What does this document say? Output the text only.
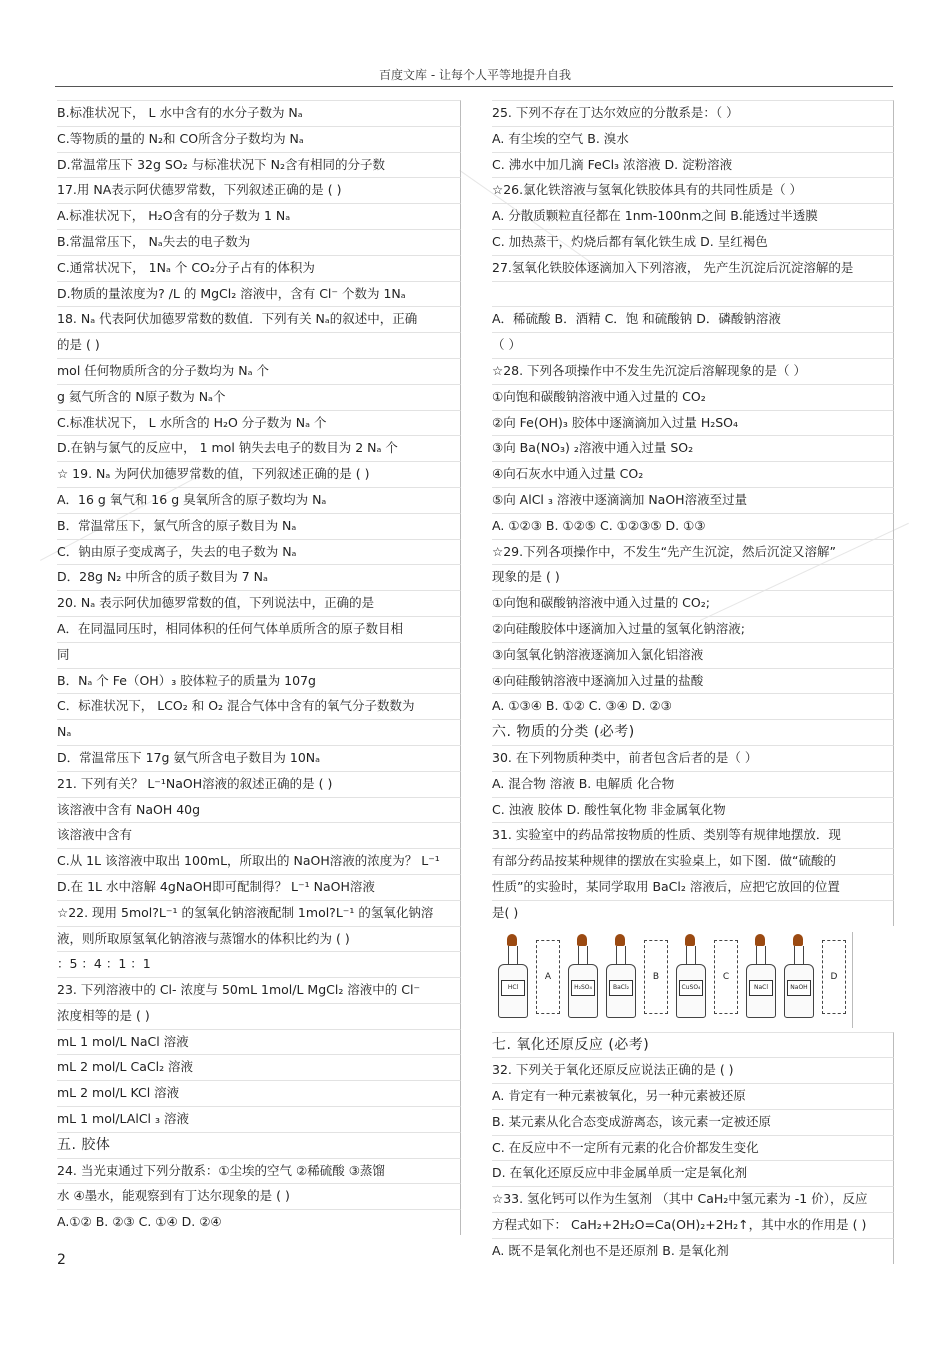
百度文库 - 让每个人平等地提升自我
B.标准状况下， L 水中含有的水分子数为 Nₐ
C.等物质的量的 N₂和 CO所含分子数均为 Nₐ
D.常温常压下 32g SO₂ 与标准状况下 N₂含有相同的分子数
17.用 NA表示阿伏德罗常数，下列叙述正确的是 ( )
A.标准状况下， H₂O含有的分子数为 1 Nₐ
B.常温常压下， Nₐ失去的电子数为
C.通常状况下， 1Nₐ 个 CO₂分子占有的体积为
D.物质的量浓度为? /L 的 MgCl₂ 溶液中，含有 Cl⁻ 个数为 1Nₐ
18. Nₐ 代表阿伏加德罗常数的数值．下列有关 Nₐ的叙述中，正确
的是 ( )
mol 任何物质所含的分子数均为 Nₐ 个
g 氦气所含的 N原子数为 Nₐ个
C.标准状况下， L 水所含的 H₂O 分子数为 Nₐ 个
D.在钠与氯气的反应中， 1 mol 钠失去电子的数目为 2 Nₐ 个
☆ 19. Nₐ 为阿伏加德罗常数的值，下列叙述正确的是 ( )
A．16 g 氧气和 16 g 臭氧所含的原子数均为 Nₐ
B．常温常压下，氯气所含的原子数目为 Nₐ
C．钠由原子变成离子，失去的电子数为 Nₐ
D．28g N₂ 中所含的质子数目为 7 Nₐ
20. Nₐ 表示阿伏加德罗常数的值，下列说法中，正确的是
A．在同温同压时，相同体积的任何气体单质所含的原子数目相
同
B．Nₐ 个 Fe（OH）₃ 胶体粒子的质量为 107g
C．标准状况下， LCO₂ 和 O₂ 混合气体中含有的氧气分子数数为
Nₐ
D．常温常压下 17g 氨气所含电子数目为 10Nₐ
21. 下列有关？ L⁻¹NaOH溶液的叙述正确的是 ( )
该溶液中含有 NaOH 40g
该溶液中含有
C.从 1L 该溶液中取出 100mL，所取出的 NaOH溶液的浓度为？ L⁻¹
D.在 1L 水中溶解 4gNaOH即可配制得？ L⁻¹ NaOH溶液
☆22. 现用 5mol?L⁻¹ 的氢氧化钠溶液配制 1mol?L⁻¹ 的氢氧化钠溶
液，则所取原氢氧化钠溶液与蒸馏水的体积比约为 ( )
：5 ：4 ：1 ：1
23. 下列溶液中的 Cl- 浓度与 50mL 1mol/L MgCl₂ 溶液中的 Cl⁻
浓度相等的是 ( )
mL 1 mol/L NaCl 溶液
mL 2 mol/L CaCl₂ 溶液
mL 2 mol/L KCl 溶液
mL 1 mol/LAlCl ₃ 溶液
五. 胶体
24. 当光束通过下列分散系：①尘埃的空气 ②稀硫酸 ③蒸馏
水 ④墨水，能观察到有丁达尔现象的是 ( )
A.①② B. ②③ C. ①④ D. ②④
25. 下列不存在丁达尔效应的分散系是：（ ）
A. 有尘埃的空气 B. 溴水
C. 沸水中加几滴 FeCl₃ 浓溶液 D. 淀粉溶液
☆26.氯化铁溶液与氢氧化铁胶体具有的共同性质是（ ）
A. 分散质颗粒直径都在 1nm-100nm之间 B.能透过半透膜
C. 加热蒸干，灼烧后都有氧化铁生成 D. 呈红褐色
27.氢氧化铁胶体逐滴加入下列溶液， 先产生沉淀后沉淀溶解的是
A．稀硫酸 B．酒精 C．饱 和硫酸钠 D．磷酸钠溶液
（ ）
☆28. 下列各项操作中不发生先沉淀后溶解现象的是（ ）
①向饱和碳酸钠溶液中通入过量的 CO₂
②向 Fe(OH)₃ 胶体中逐滴滴加入过量 H₂SO₄
③向 Ba(NO₃) ₂溶液中通入过量 SO₂
④向石灰水中通入过量 CO₂
⑤向 AlCl ₃ 溶液中逐滴滴加 NaOH溶液至过量
A. ①②③ B. ①②⑤ C. ①②③⑤ D. ①③
☆29.下列各项操作中，不发生“先产生沉淀，然后沉淀又溶解”
现象的是 ( )
①向饱和碳酸钠溶液中通入过量的 CO₂;
②向硅酸胶体中逐滴加入过量的氢氧化钠溶液;
③向氢氧化钠溶液逐滴加入氯化铝溶液
④向硅酸钠溶液中逐滴加入过量的盐酸
A. ①③④ B. ①② C. ③④ D. ②③
六. 物质的分类 (必考)
30. 在下列物质种类中，前者包含后者的是（ ）
A. 混合物 溶液 B. 电解质 化合物
C. 浊液 胶体 D. 酸性氧化物 非金属氧化物
31. 实验室中的药品常按物质的性质、类别等有规律地摆放．现
有部分药品按某种规律的摆放在实验桌上，如下图．做“硫酸的
性质”的实验时，某同学取用 BaCl₂ 溶液后，应把它放回的位置
是( )
HCl
A
H₂SO₄	BaCl₂
B
CuSO₄
C
NaCl	NaOH
D
七. 氧化还原反应 (必考)
32. 下列关于氧化还原反应说法正确的是 ( )
A. 肯定有一种元素被氧化，另一种元素被还原
B. 某元素从化合态变成游离态，该元素一定被还原
C. 在反应中不一定所有元素的化合价都发生变化
D. 在氧化还原反应中非金属单质一定是氧化剂
☆33. 氢化钙可以作为生氢剂 （其中 CaH₂中氢元素为 -1 价），反应
方程式如下： CaH₂+2H₂O=Ca(OH)₂+2H₂↑，其中水的作用是 ( )
A. 既不是氧化剂也不是还原剂 B. 是氧化剂
2
